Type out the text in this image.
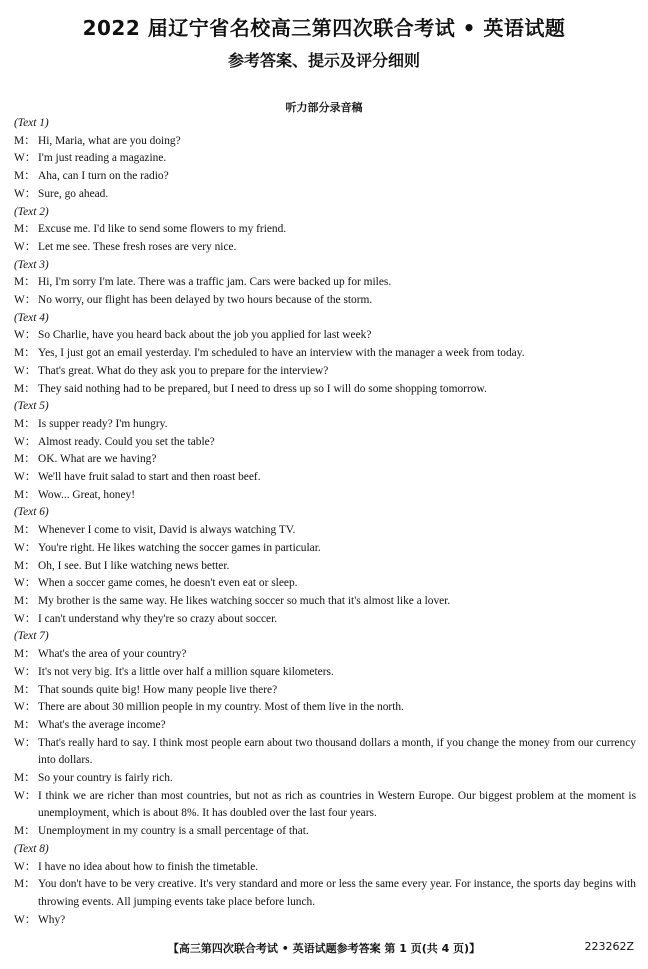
2022 届辽宁省名校高三第四次联合考试 • 英语试题
参考答案、提示及评分细则
听力部分录音稿
(Text 1)
M： Hi, Maria, what are you doing?
W： I'm just reading a magazine.
M： Aha, can I turn on the radio?
W： Sure, go ahead.
(Text 2)
M： Excuse me. I'd like to send some flowers to my friend.
W： Let me see. These fresh roses are very nice.
(Text 3)
M： Hi, I'm sorry I'm late. There was a traffic jam. Cars were backed up for miles.
W： No worry, our flight has been delayed by two hours because of the storm.
(Text 4)
W： So Charlie, have you heard back about the job you applied for last week?
M： Yes, I just got an email yesterday. I'm scheduled to have an interview with the manager a week from today.
W： That's great. What do they ask you to prepare for the interview?
M： They said nothing had to be prepared, but I need to dress up so I will do some shopping tomorrow.
(Text 5)
M： Is supper ready? I'm hungry.
W： Almost ready. Could you set the table?
M： OK. What are we having?
W： We'll have fruit salad to start and then roast beef.
M： Wow... Great, honey!
(Text 6)
M： Whenever I come to visit, David is always watching TV.
W： You're right. He likes watching the soccer games in particular.
M： Oh, I see. But I like watching news better.
W： When a soccer game comes, he doesn't even eat or sleep.
M： My brother is the same way. He likes watching soccer so much that it's almost like a lover.
W： I can't understand why they're so crazy about soccer.
(Text 7)
M： What's the area of your country?
W： It's not very big. It's a little over half a million square kilometers.
M： That sounds quite big! How many people live there?
W： There are about 30 million people in my country. Most of them live in the north.
M： What's the average income?
W： That's really hard to say. I think most people earn about two thousand dollars a month, if you change the money from our currency into dollars.
M： So your country is fairly rich.
W： I think we are richer than most countries, but not as rich as countries in Western Europe. Our biggest problem at the moment is unemployment, which is about 8%. It has doubled over the last four years.
M： Unemployment in my country is a small percentage of that.
(Text 8)
W： I have no idea about how to finish the timetable.
M： You don't have to be very creative. It's very standard and more or less the same every year. For instance, the sports day begins with throwing events. All jumping events take place before lunch.
W： Why?
【高三第四次联合考试 • 英语试题参考答案 第 1 页(共 4 页)】	223262Z
